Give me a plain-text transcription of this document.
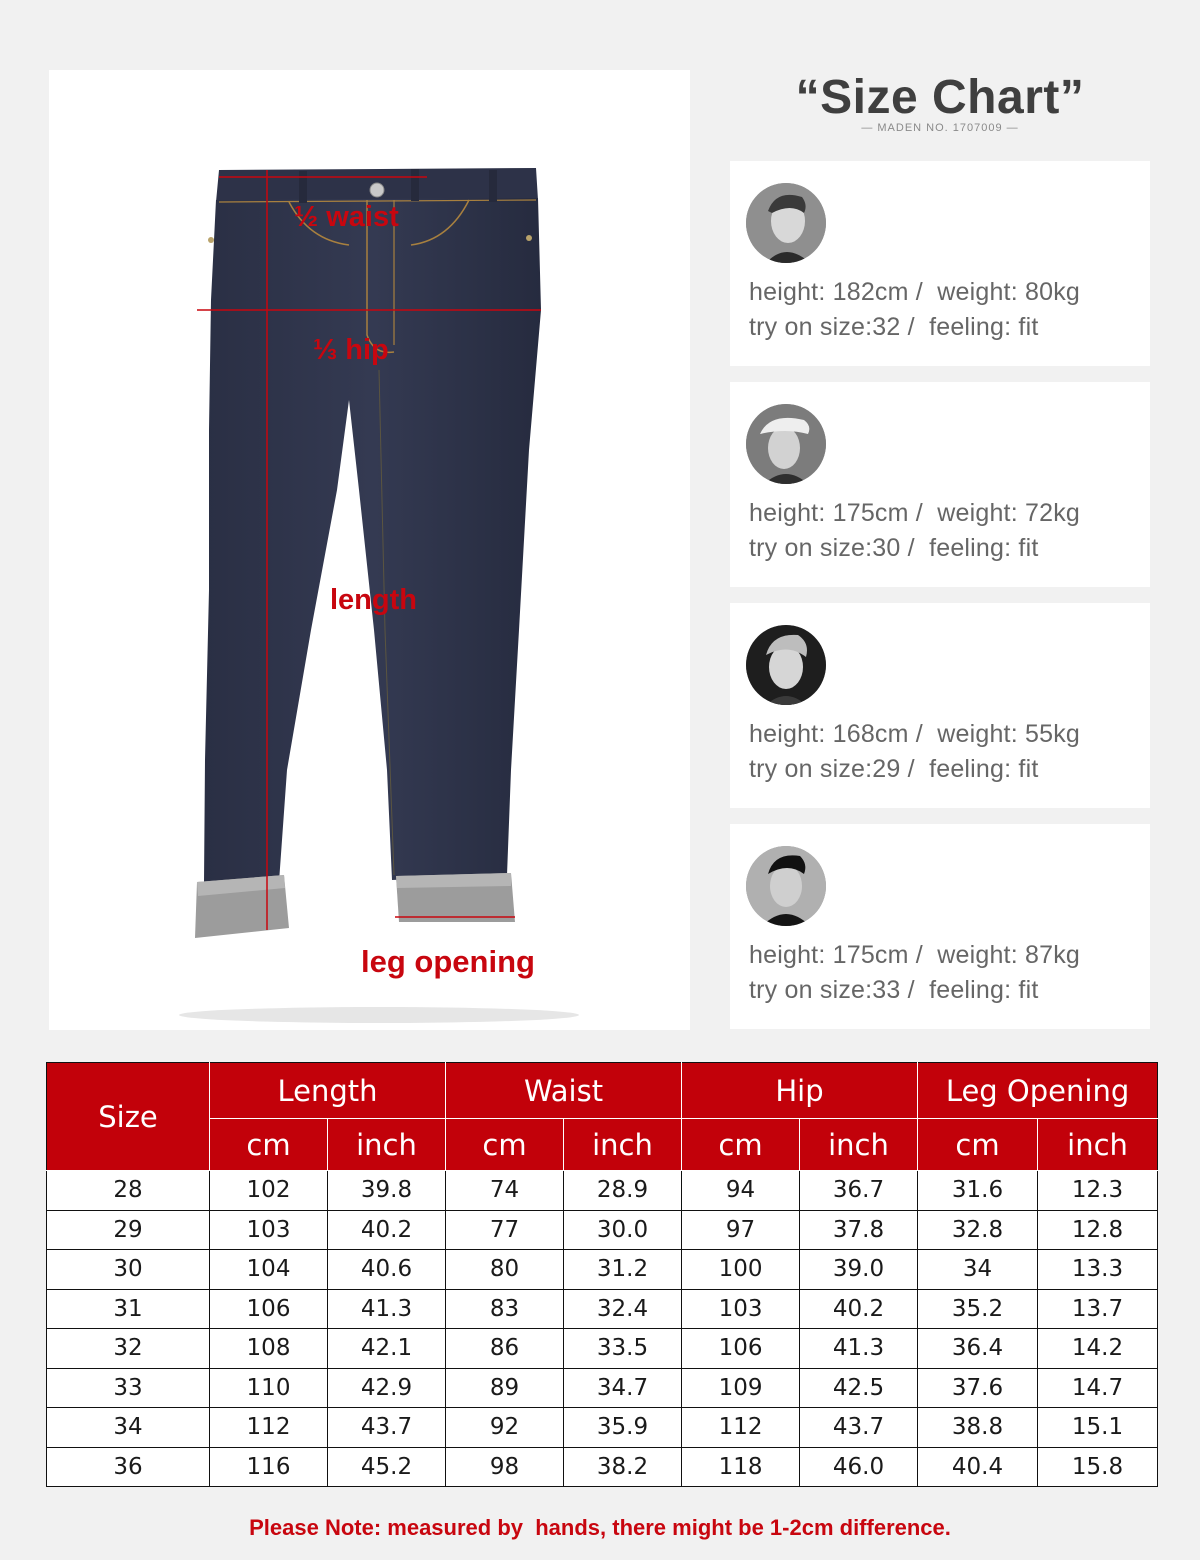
½ waist
⅓ hip
length
leg opening
“Size Chart”
— MADEN NO. 1707009 —
height: 182cm /  weight: 80kg
try on size:32 /  feeling: fit
height: 175cm /  weight: 72kg
try on size:30 /  feeling: fit
height: 168cm /  weight: 55kg
try on size:29 /  feeling: fit
height: 175cm /  weight: 87kg
try on size:33 /  feeling: fit
Size	Length		Waist		Hip		Leg Opening	
	cm	inch	cm	inch	cm	inch	cm	inch
28	102	39.8	74	28.9	94	36.7	31.6	12.3
29	103	40.2	77	30.0	97	37.8	32.8	12.8
30	104	40.6	80	31.2	100	39.0	34	13.3
31	106	41.3	83	32.4	103	40.2	35.2	13.7
32	108	42.1	86	33.5	106	41.3	36.4	14.2
33	110	42.9	89	34.7	109	42.5	37.6	14.7
34	112	43.7	92	35.9	112	43.7	38.8	15.1
36	116	45.2	98	38.2	118	46.0	40.4	15.8
Please Note: measured by  hands, there might be 1-2cm difference.
